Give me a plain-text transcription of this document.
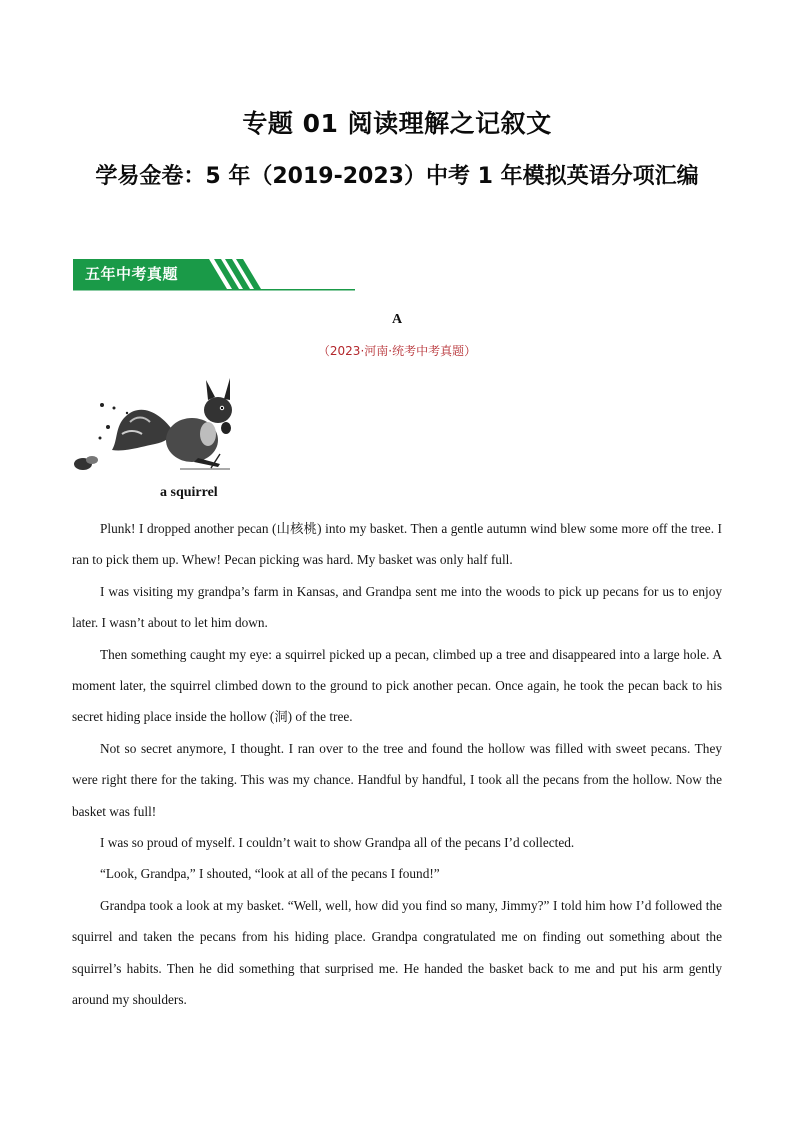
专题 01 阅读理解之记叙文
学易金卷：5 年（2019-2023）中考 1 年模拟英语分项汇编
五年中考真题
A
（2023·河南·统考中考真题）
a squirrel

Plunk! I dropped another pecan (山核桃) into my basket. Then a gentle autumn wind blew some more off the tree. I ran to pick them up. Whew! Pecan picking was hard. My basket was only half full.

I was visiting my grandpa’s farm in Kansas, and Grandpa sent me into the woods to pick up pecans for us to enjoy later. I wasn’t about to let him down.

Then something caught my eye: a squirrel picked up a pecan, climbed up a tree and disappeared into a large hole. A moment later, the squirrel climbed down to the ground to pick another pecan. Once again, he took the pecan back to his secret hiding place inside the hollow (洞) of the tree.

Not so secret anymore, I thought. I ran over to the tree and found the hollow was filled with sweet pecans. They were right there for the taking. This was my chance. Handful by handful, I took all the pecans from the hollow. Now the basket was full!

I was so proud of myself. I couldn’t wait to show Grandpa all of the pecans I’d collected.

“Look, Grandpa,” I shouted, “look at all of the pecans I found!”

Grandpa took a look at my basket. “Well, well, how did you find so many, Jimmy?” I told him how I’d followed the squirrel and taken the pecans from his hiding place. Grandpa congratulated me on finding out something about the squirrel’s habits. Then he did something that surprised me. He handed the basket back to me and put his arm gently around my shoulders.
